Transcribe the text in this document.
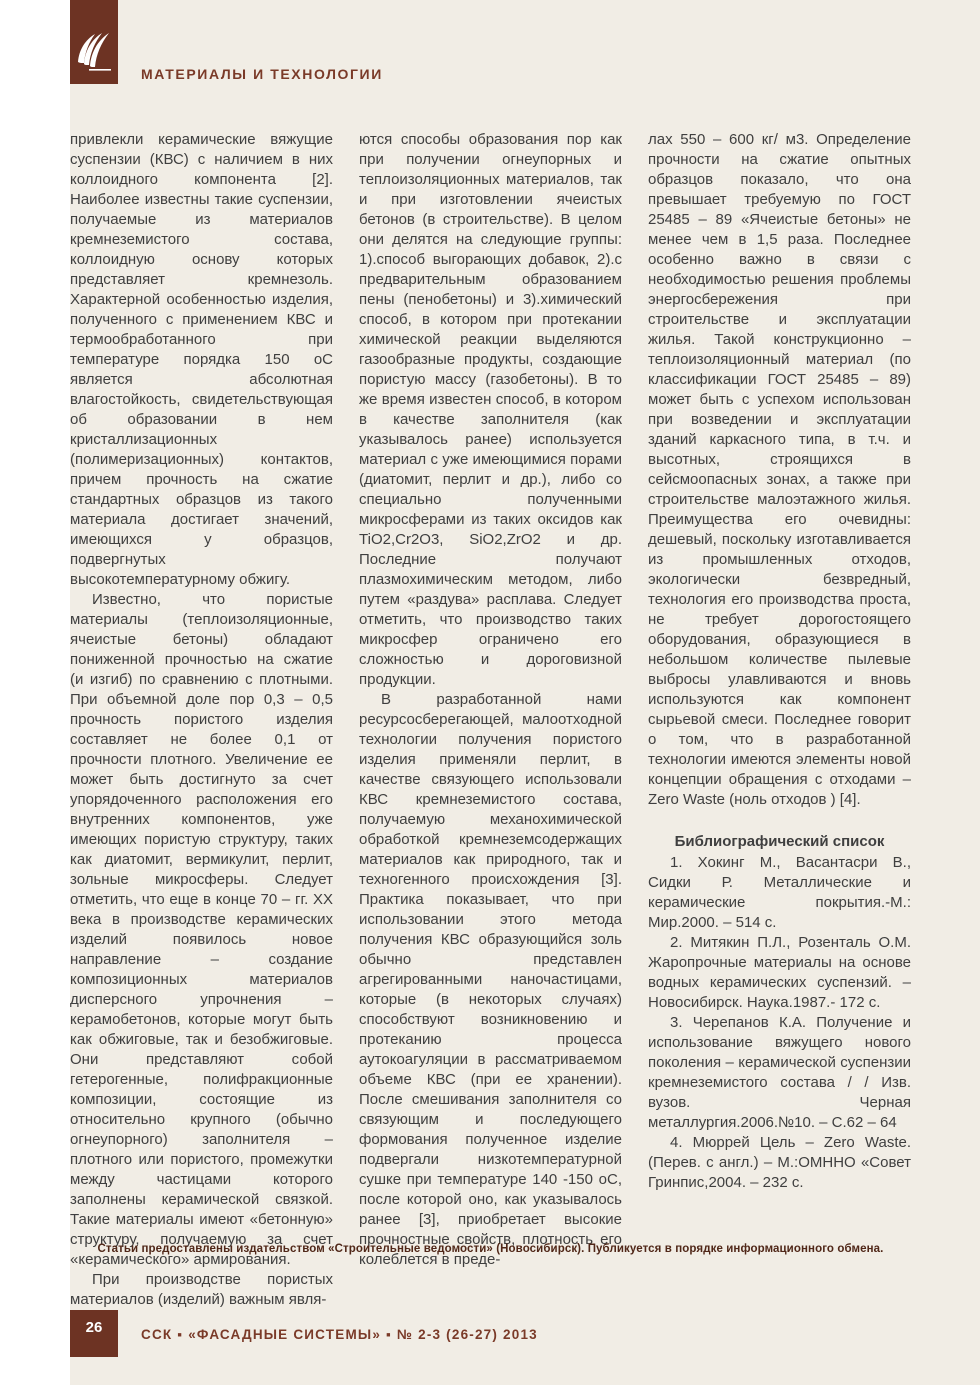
МАТЕРИАЛЫ И ТЕХНОЛОГИИ

привлекли керамические вяжущие суспензии (КВС) с наличием в них коллоидного компонента [2]. Наиболее известны такие суспензии, получаемые из материалов кремнеземистого состава, коллоидную основу которых представляет кремнезоль. Характерной особенностью изделия, полученного с применением КВС и термообработанного при температуре порядка 150 оС является абсолютная влагостойкость, свидетельствующая об образовании в нем кристаллизационных (полимеризационных) контактов, причем прочность на сжатие стандартных образцов из такого материала достигает значений, имеющихся у образцов, подвергнутых высокотемпературному обжигу.

Известно, что пористые материалы (теплоизоляционные, ячеистые бетоны) обладают пониженной прочностью на сжатие (и изгиб) по сравнению с плотными. При объемной доле пор 0,3 – 0,5 прочность пористого изделия составляет не более 0,1 от прочности плотного. Увеличение ее может быть достигнуто за счет упорядоченного расположения его внутренних компонентов, уже имеющих пористую структуру, таких как диатомит, вермикулит, перлит, зольные микросферы. Следует отметить, что еще в конце 70 – гг. ХХ века в производстве керамических изделий появилось новое направление – создание композиционных материалов дисперсного упрочнения – керамобетонов, которые могут быть как обжиговые, так и безобжиговые. Они представляют собой гетерогенные, полифракционные композиции, состоящие из относительно крупного (обычно огнеупорного) заполнителя – плотного или пористого, промежутки между частицами которого заполнены керамической связкой. Такие материалы имеют «бетонную» структуру, получаемую за счет «керамического» армирования.

При производстве пористых материалов (изделий) важным явля-

ются способы образования пор как при получении огнеупорных и теплоизоляционных материалов, так и при изготовлении ячеистых бетонов (в строительстве). В целом они делятся на следующие группы: 1).способ выгорающих добавок, 2).с предварительным образованием пены (пенобетоны) и 3).химический способ, в котором при протекании химической реакции выделяются газообразные продукты, создающие пористую массу (газобетоны). В то же время известен способ, в котором в качестве заполнителя (как указывалось ранее) используется материал с уже имеющимися порами (диатомит, перлит и др.), либо со специально полученными микросферами из таких оксидов как TiO2,Cr2O3, SiO2,ZrO2 и др. Последние получают плазмохимическим методом, либо путем «раздува» расплава. Следует отметить, что производство таких микросфер ограничено его сложностью и дороговизной продукции.

В разработанной нами ресурсосберегающей, малоотходной технологии получения пористого изделия применяли перлит, в качестве связующего использовали КВС кремнеземистого состава, получаемую механохимической обработкой кремнеземсодержащих материалов как природного, так и техногенного происхождения [3]. Практика показывает, что при использовании этого метода получения КВС образующийся золь обычно представлен агрегированными наночастицами, которые (в некоторых случаях) способствуют возникновению и протеканию процесса аутокоагуляции в рассматриваемом объеме КВС (при ее хранении). После смешивания заполнителя со связующим и последующего формования полученное изделие подвергали низкотемпературной сушке при температуре 140 -150 оС, после которой оно, как указывалось ранее [3], приобретает высокие прочностные свойств, плотность его колеблется в преде-

лах 550 – 600 кг/ м3. Определение прочности на сжатие опытных образцов показало, что она превышает требуемую по ГОСТ 25485 – 89 «Ячеистые бетоны» не менее чем в 1,5 раза. Последнее особенно важно в связи с необходимостью решения проблемы энергосбережения при строительстве и эксплуатации жилья. Такой конструкционно – теплоизоляционный материал (по классификации ГОСТ 25485 – 89) может быть с успехом использован при возведении и эксплуатации зданий каркасного типа, в т.ч. и высотных, строящихся в сейсмоопасных зонах, а также при строительстве малоэтажного жилья. Преимущества его очевидны: дешевый, поскольку изготавливается из промышленных отходов, экологически безвредный, технология его производства проста, не требует дорогостоящего оборудования, образующиеся в небольшом количестве пылевые выбросы улавливаются и вновь используются как компонент сырьевой смеси. Последнее говорит о том, что в разработанной технологии имеются элементы новой концепции обращения с отходами – Zero Waste (ноль отходов ) [4].

Библиографический список

1. Хокинг М., Васантасри В., Сидки Р. Металлические и керамические покрытия.-М.: Мир.2000. – 514 с.

2. Митякин П.Л., Розенталь О.М. Жаропрочные материалы на основе водных керамических суспензий. – Новосибирск. Наука.1987.- 172 с.

3. Черепанов К.А. Получение и использование вяжущего нового поколения – керамической суспензии кремнеземистого состава / / Изв. вузов. Черная металлургия.2006.№10. – С.62 – 64

4. Мюррей Цель – Zero Waste. (Перев. с англ.) – М.:ОМННО «Совет Гринпис,2004. – 232 с.

Статьи предоставлены издательством «Строительные ведомости» (Новосибирск). Публикуется в порядке информационного обмена.
26	ССК ▪ «ФАСАДНЫЕ СИСТЕМЫ» ▪ № 2-3 (26-27) 2013
